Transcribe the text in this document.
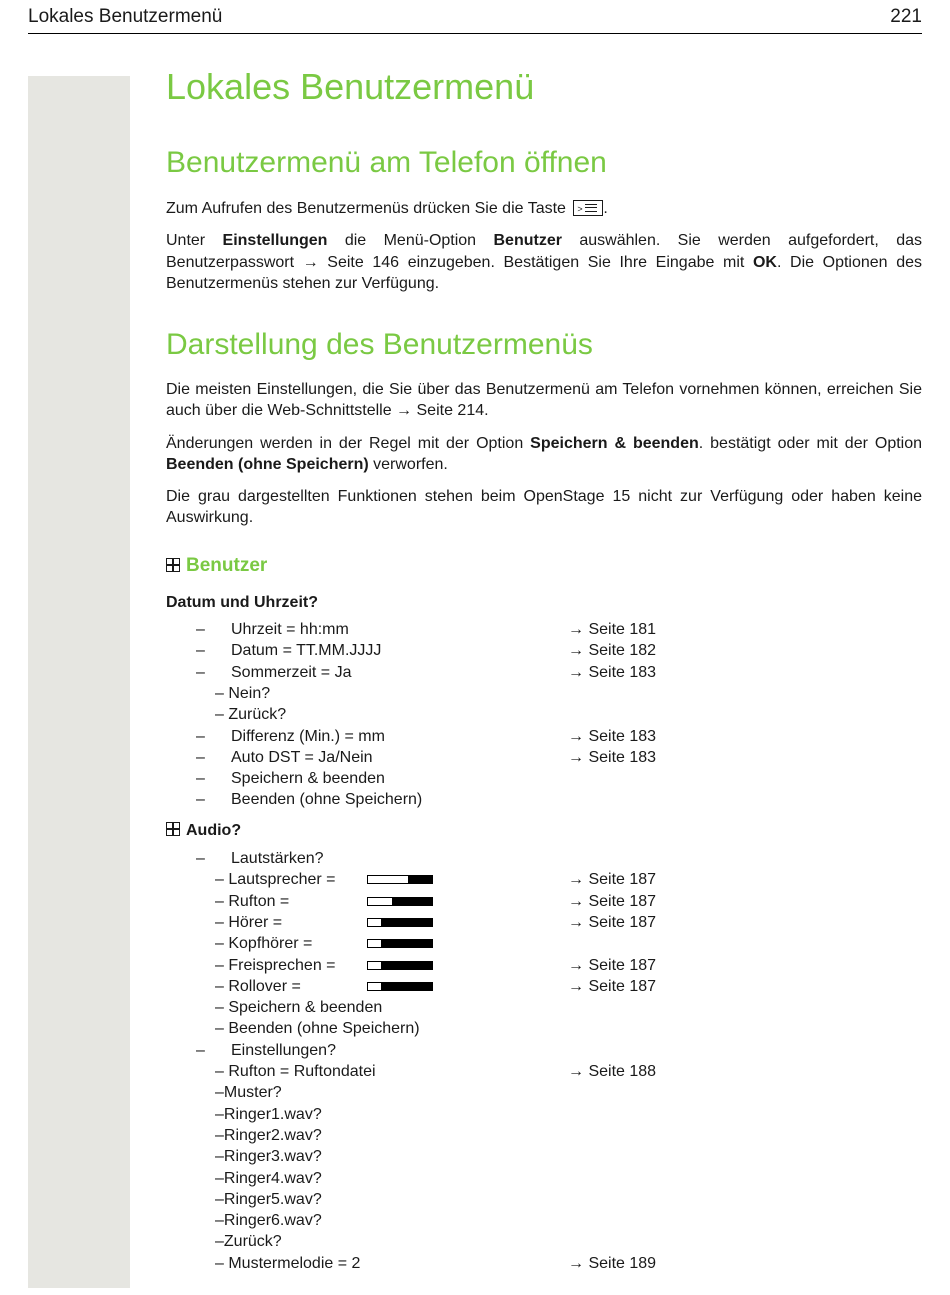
Lokales Benutzermenü	221
Lokales Benutzermenü
Benutzermenü am Telefon öffnen

Zum Aufrufen des Benutzermenüs drücken Sie die Taste > .

Unter Einstellungen die Menü-Option Benutzer auswählen. Sie werden aufgefordert, das Benutzerpasswort → Seite 146 einzugeben. Bestätigen Sie Ihre Eingabe mit OK. Die Optionen des Benutzermenüs stehen zur Verfügung.

Darstellung des Benutzermenüs

Die meisten Einstellungen, die Sie über das Benutzermenü am Telefon vornehmen können, erreichen Sie auch über die Web-Schnittstelle → Seite 214.

Änderungen werden in der Regel mit der Option Speichern & beenden. bestätigt oder mit der Option Beenden (ohne Speichern) verworfen.

Die grau dargestellten Funktionen stehen beim OpenStage 15 nicht zur Verfügung oder haben keine Auswirkung.

Benutzer
Datum und Uhrzeit?
– Uhrzeit = hh:mm	→ Seite 181
– Datum = TT.MM.JJJJ	→ Seite 182
– Sommerzeit = Ja	→ Seite 183
– Nein?
– Zurück?
– Differenz (Min.) = mm	→ Seite 183
– Auto DST = Ja/Nein	→ Seite 183
– Speichern & beenden
– Beenden (ohne Speichern)
Audio?
– Lautstärken?
– Lautsprecher =	→ Seite 187
– Rufton =	→ Seite 187
– Hörer =	→ Seite 187
– Kopfhörer =
– Freisprechen =	→ Seite 187
– Rollover =	→ Seite 187
– Speichern & beenden
– Beenden (ohne Speichern)
– Einstellungen?
– Rufton = Ruftondatei	→ Seite 188
–Muster?
–Ringer1.wav?
–Ringer2.wav?
–Ringer3.wav?
–Ringer4.wav?
–Ringer5.wav?
–Ringer6.wav?
–Zurück?
– Mustermelodie = 2	→ Seite 189
